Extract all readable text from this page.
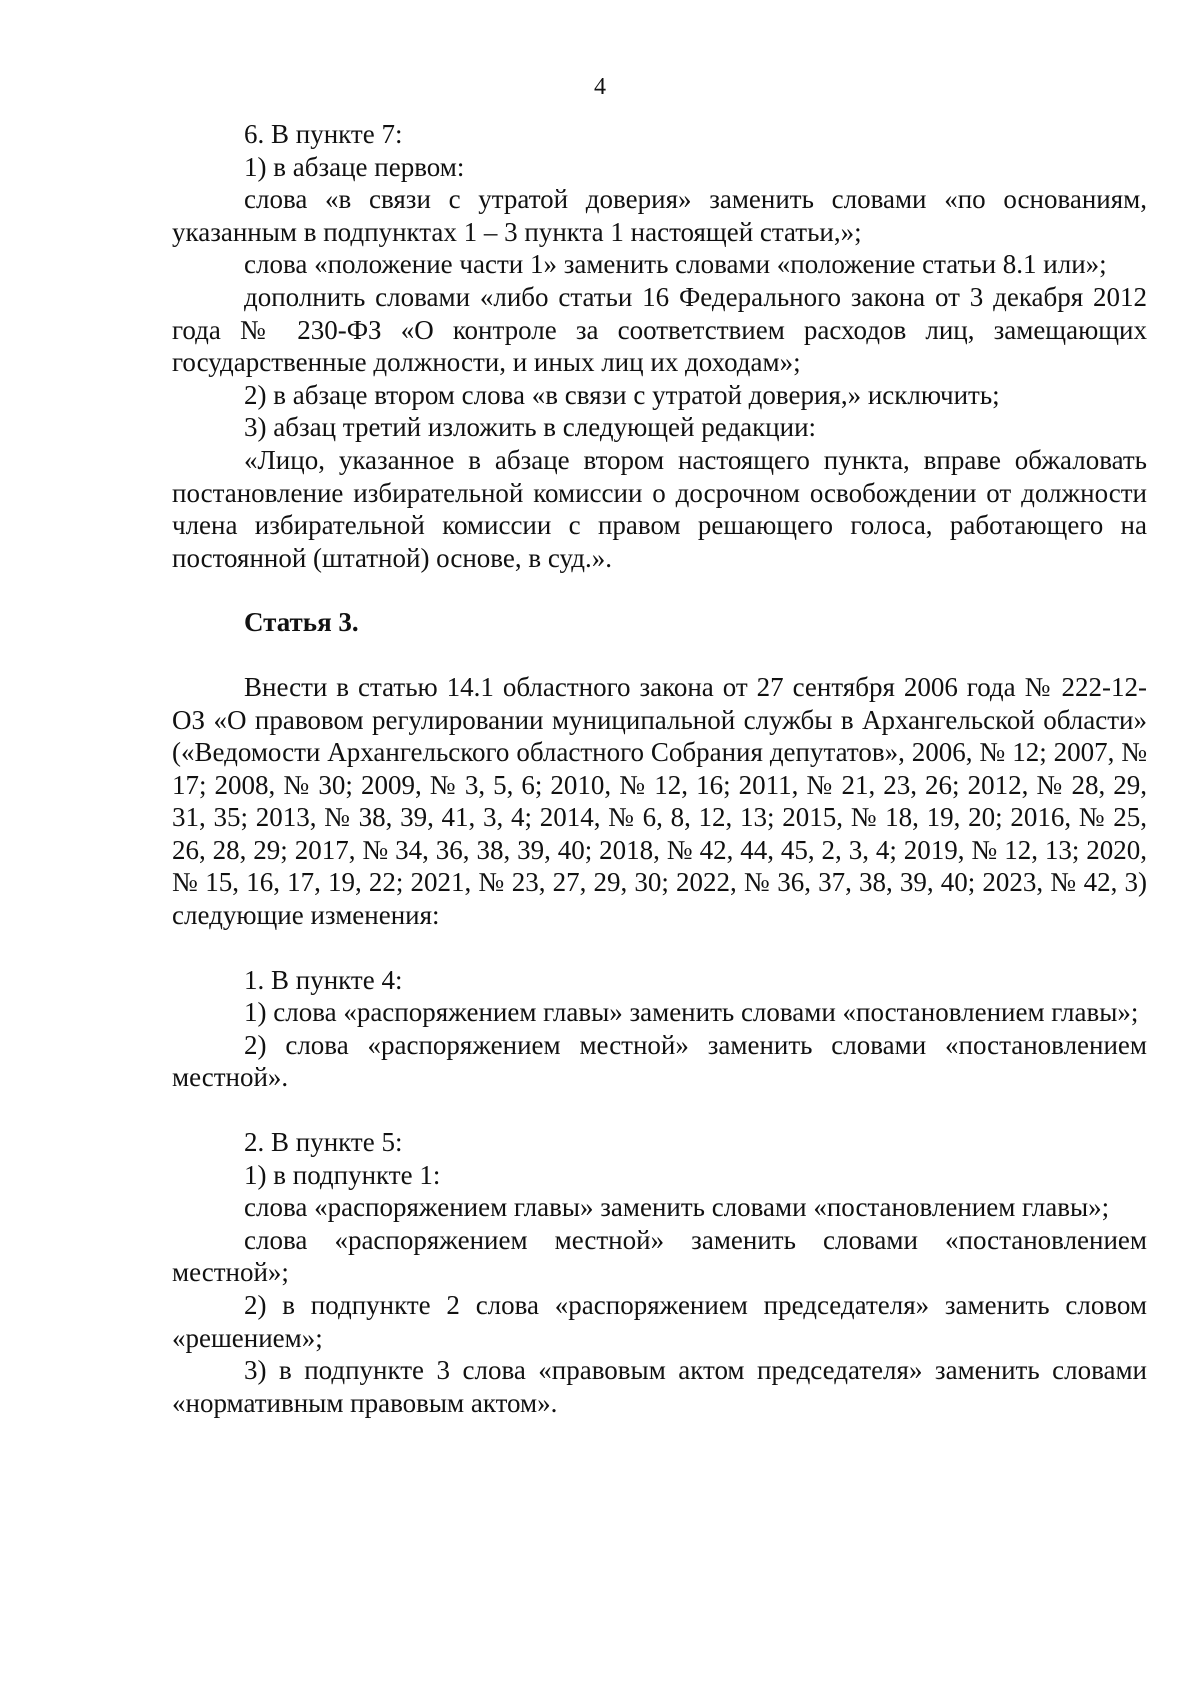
4

6. В пункте 7:

1) в абзаце первом:

слова «в связи с утратой доверия» заменить словами «по основаниям, указанным в подпунктах 1 – 3 пункта 1 настоящей статьи,»;

слова «положение части 1» заменить словами «положение статьи 8.1 или»;

дополнить словами «либо статьи 16 Федерального закона от 3 декабря 2012 года № 230-ФЗ «О контроле за соответствием расходов лиц, замещающих государственные должности, и иных лиц их доходам»;

2) в абзаце втором слова «в связи с утратой доверия,» исключить;

3) абзац третий изложить в следующей редакции:

«Лицо, указанное в абзаце втором настоящего пункта, вправе обжаловать постановление избирательной комиссии о досрочном освобождении от должности члена избирательной комиссии с правом решающего голоса, работающего на постоянной (штатной) основе, в суд.».

Статья 3.

Внести в статью 14.1 областного закона от 27 сентября 2006 года № 222-12-ОЗ «О правовом регулировании муниципальной службы в Архангельской области» («Ведомости Архангельского областного Собрания депутатов», 2006, № 12; 2007, № 17; 2008, № 30; 2009, № 3, 5, 6; 2010, № 12, 16; 2011, № 21, 23, 26; 2012, № 28, 29, 31, 35; 2013, № 38, 39, 41, 3, 4; 2014, № 6, 8, 12, 13; 2015, № 18, 19, 20; 2016, № 25, 26, 28, 29; 2017, № 34, 36, 38, 39, 40; 2018, № 42, 44, 45, 2, 3, 4; 2019, № 12, 13; 2020, № 15, 16, 17, 19, 22; 2021, № 23, 27, 29, 30; 2022, № 36, 37, 38, 39, 40; 2023, № 42, 3) следующие изменения:

1. В пункте 4:

1) слова «распоряжением главы» заменить словами «постановлением главы»;

2) слова «распоряжением местной» заменить словами «постановлением местной».

2. В пункте 5:

1) в подпункте 1:

слова «распоряжением главы» заменить словами «постановлением главы»;

слова «распоряжением местной» заменить словами «постановлением местной»;

2) в подпункте 2 слова «распоряжением председателя» заменить словом «решением»;

3) в подпункте 3 слова «правовым актом председателя» заменить словами «нормативным правовым актом».
